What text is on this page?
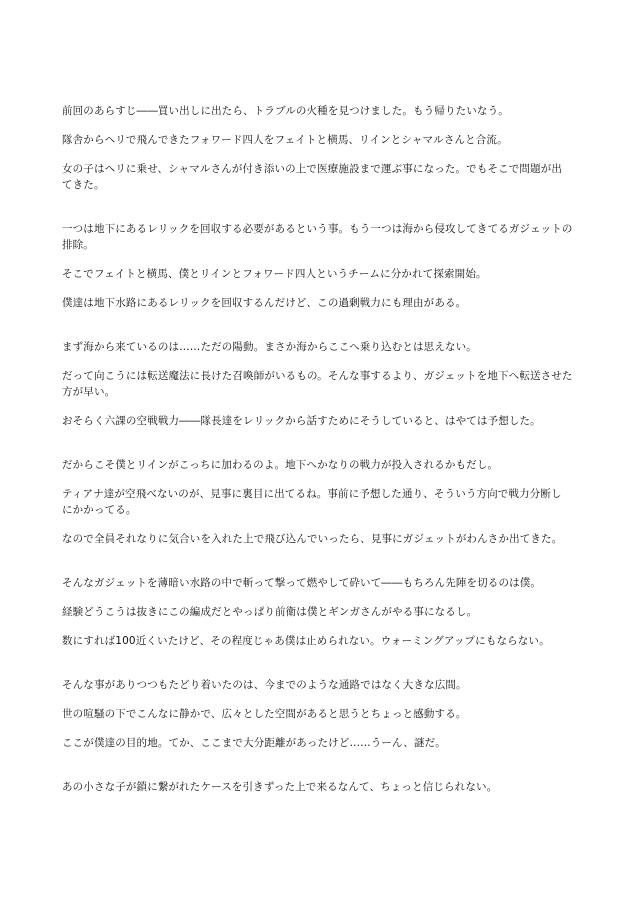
前回のあらすじ――買い出しに出たら、トラブルの火種を見つけました。もう帰りたいなう。

隊舎からヘリで飛んできたフォワード四人をフェイトと横馬、リインとシャマルさんと合流。

女の子はヘリに乗せ、シャマルさんが付き添いの上で医療施設まで運ぶ事になった。でもそこで問題が出
てきた。

一つは地下にあるレリックを回収する必要があるという事。もう一つは海から侵攻してきてるガジェットの
排除。

そこでフェイトと横馬、僕とリインとフォワード四人というチームに分かれて探索開始。

僕達は地下水路にあるレリックを回収するんだけど、この過剰戦力にも理由がある。

まず海から来ているのは……ただの陽動。まさか海からここへ乗り込むとは思えない。

だって向こうには転送魔法に長けた召喚師がいるもの。そんな事するより、ガジェットを地下へ転送させた
方が早い。

おそらく六課の空戦戦力――隊長達をレリックから話すためにそうしていると、はやては予想した。

だからこそ僕とリインがこっちに加わるのよ。地下へかなりの戦力が投入されるかもだし。

ティアナ達が空飛べないのが、見事に裏目に出てるね。事前に予想した通り、そういう方向で戦力分断し
にかかってる。

なので全員それなりに気合いを入れた上で飛び込んでいったら、見事にガジェットがわんさか出てきた。

そんなガジェットを薄暗い水路の中で斬って撃って燃やして砕いて――もちろん先陣を切るのは僕。

経験どうこうは抜きにこの編成だとやっぱり前衛は僕とギンガさんがやる事になるし。

数にすれば100近くいたけど、その程度じゃあ僕は止められない。ウォーミングアップにもならない。

そんな事がありつつもたどり着いたのは、今までのような通路ではなく大きな広間。

世の喧騒の下でこんなに静かで、広々とした空間があると思うとちょっと感動する。

ここが僕達の目的地。てか、ここまで大分距離があったけど……うーん、謎だ。

あの小さな子が鎖に繋がれたケースを引きずった上で来るなんて、ちょっと信じられない。
